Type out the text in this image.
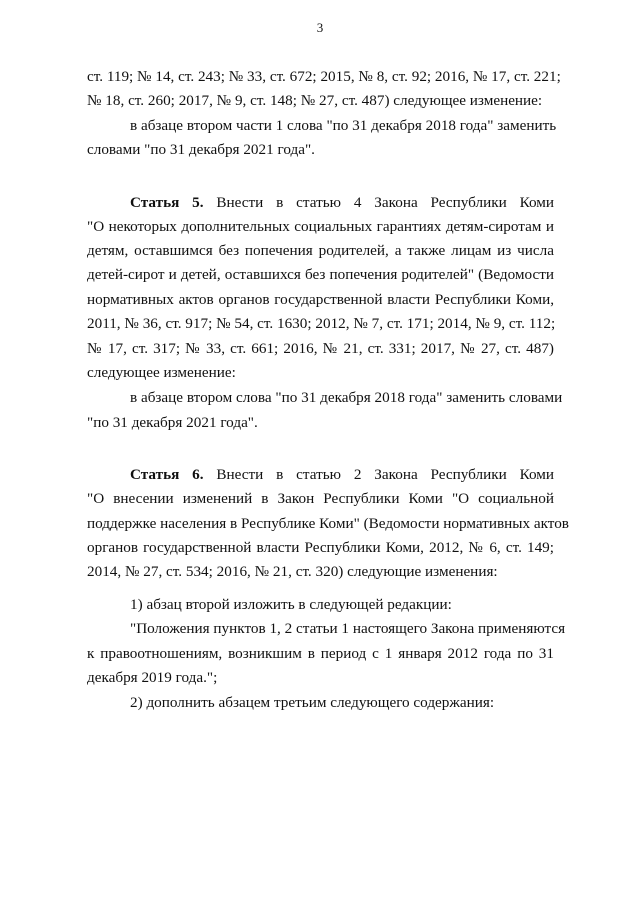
3
ст. 119; № 14, ст. 243; № 33, ст. 672; 2015, № 8, ст. 92; 2016, № 17, ст. 221;
№ 18, ст. 260; 2017, № 9, ст. 148; № 27, ст. 487) следующее изменение:
в абзаце втором части 1 слова "по 31 декабря 2018 года" заменить
словами "по 31 декабря 2021 года".
Статья 5. Внести в статью 4 Закона Республики Коми
"О некоторых дополнительных социальных гарантиях детям-сиротам и
детям, оставшимся без попечения родителей, а также лицам из числа
детей-сирот и детей, оставшихся без попечения родителей" (Ведомости
нормативных актов органов государственной власти Республики Коми,
2011, № 36, ст. 917; № 54, ст. 1630; 2012, № 7, ст. 171; 2014, № 9, ст. 112;
№ 17, ст. 317; № 33, ст. 661; 2016, № 21, ст. 331; 2017, № 27, ст. 487)
следующее изменение:
в абзаце втором слова "по 31 декабря 2018 года" заменить словами
"по 31 декабря 2021 года".
Статья 6. Внести в статью 2 Закона Республики Коми
"О внесении изменений в Закон Республики Коми "О социальной
поддержке населения в Республике Коми" (Ведомости нормативных актов
органов государственной власти Республики Коми, 2012, № 6, ст. 149;
2014, № 27, ст. 534; 2016, № 21, ст. 320) следующие изменения:
1) абзац второй изложить в следующей редакции:
"Положения пунктов 1, 2 статьи 1 настоящего Закона применяются
к правоотношениям, возникшим в период с 1 января 2012 года по 31
декабря 2019 года.";
2) дополнить абзацем третьим следующего содержания:
